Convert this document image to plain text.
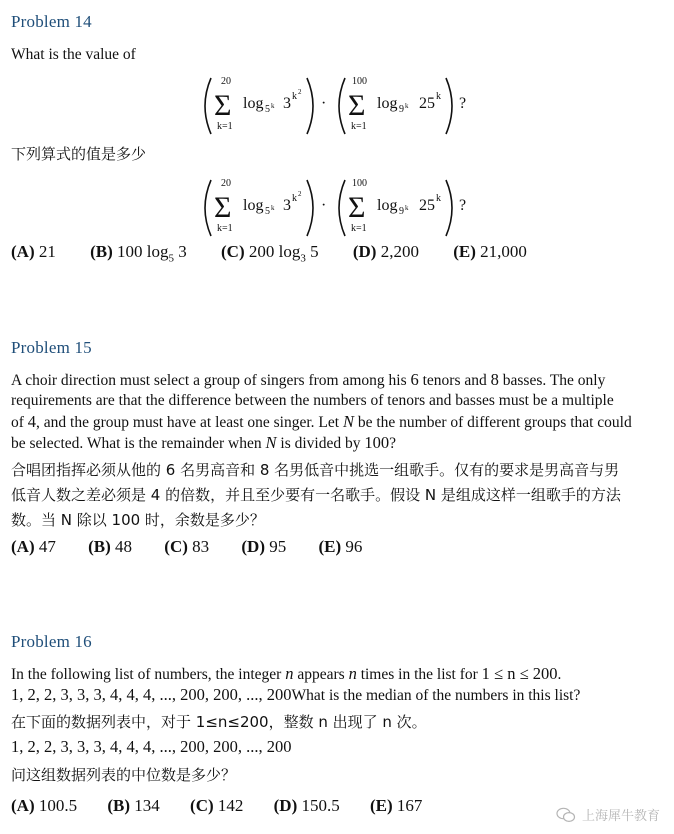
Problem 14
What is the value of
20
Σ
k=1
log 5 k 3 k 2
·
100
Σ
k=1
log 9 k 25 k ?
下列算式的值是多少
20
Σ
k=1
log 5 k 3 k 2
·
100
Σ
k=1
log 9 k 25 k ?
(A) 21 (B) 100 $\log_5 3$ (C) 200 $\log_3 5$ (D) 2,200 (E) 21,000
Problem 15
A choir direction must select a group of singers from among his 6 tenors and 8 basses. The only
requirements are that the difference between the numbers of tenors and basses must be a multiple
of 4, and the group must have at least one singer. Let N be the number of different groups that could
be selected. What is the remainder when N is divided by 100?
合唱团指挥必须从他的 6 名男高音和 8 名男低音中挑选一组歌手。仅有的要求是男高音与男
低音人数之差必须是 4 的倍数，并且至少要有一名歌手。假设 N 是组成这样一组歌手的方法
数。当 N 除以 100 时，余数是多少？
(A) 47 (B) 48 (C) 83 (D) 95 (E) 96
Problem 16
In the following list of numbers, the integer n appears n times in the list for 1 ≤ n ≤ 200.
1, 2, 2, 3, 3, 3, 4, 4, 4, ..., 200, 200, ..., 200What is the median of the numbers in this list?
在下面的数据列表中，对于 1≤n≤200，整数 n 出现了 n 次。
1, 2, 2, 3, 3, 3, 4, 4, 4, ..., 200, 200, ..., 200
问这组数据列表的中位数是多少？
(A) 100.5 (B) 134 (C) 142 (D) 150.5 (E) 167
上海犀牛教育
